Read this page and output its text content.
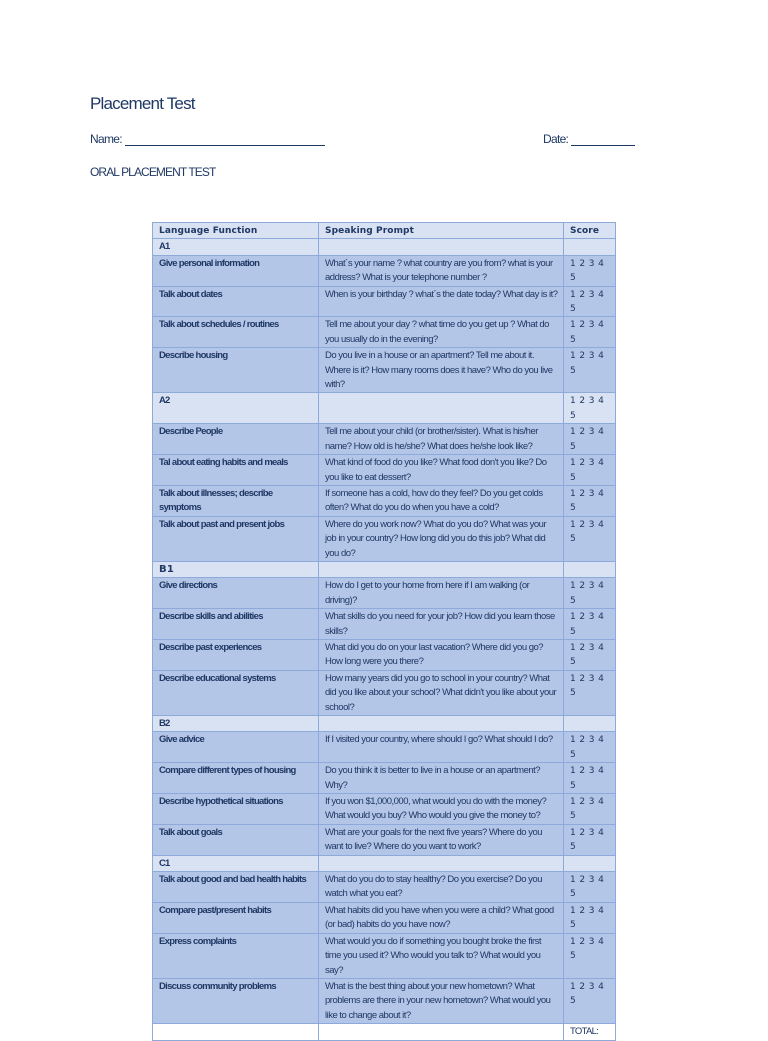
Placement Test
Name:	Date:
ORAL PLACEMENT TEST
Language Function	Speaking Prompt	Score
A1		
Give personal information	What´s your name ? what country are you from? what is your address? What is your telephone number ?	1 2 3 4 5
Talk about dates	When is your birthday ? what´s the date today? What day is it?	1 2 3 4 5
Talk about schedules / routines	Tell me about your day ? what time do you get up ? What do you usually do in the evening?	1 2 3 4 5
Describe housing	Do you live in a house or an apartment? Tell me about it. Where is it? How many rooms does it have? Who do you live with?	1 2 3 4 5
A2		1 2 3 4 5
Describe People	Tell me about your child (or brother/sister). What is his/her name? How old is he/she? What does he/she look like?	1 2 3 4 5
Tal about eating habits and meals	What kind of food do you like? What food don't you like? Do you like to eat dessert?	1 2 3 4 5
Talk about illnesses; describe symptoms	If someone has a cold, how do they feel? Do you get colds often? What do you do when you have a cold?	1 2 3 4 5
Talk about past and present jobs	Where do you work now? What do you do? What was your job in your country? How long did you do this job? What did you do?	1 2 3 4 5
B1		
Give directions	How do I get to your home from here if I am walking (or driving)?	1 2 3 4 5
Describe skills and abilities	What skills do you need for your job? How did you learn those skills?	1 2 3 4 5
Describe past experiences	What did you do on your last vacation? Where did you go? How long were you there?	1 2 3 4 5
Describe educational systems	How many years did you go to school in your country? What did you like about your school? What didn't you like about your school?	1 2 3 4 5
B2		
Give advice	If I visited your country, where should I go? What should I do?	1 2 3 4 5
Compare different types of housing	Do you think it is better to live in a house or an apartment? Why?	1 2 3 4 5
Describe hypothetical situations	If you won $1,000,000, what would you do with the money? What would you buy? Who would you give the money to?	1 2 3 4 5
Talk about goals	What are your goals for the next five years? Where do you want to live? Where do you want to work?	1 2 3 4 5
C1		
Talk about good and bad health habits	What do you do to stay healthy? Do you exercise? Do you watch what you eat?	1 2 3 4 5
Compare past/present habits	What habits did you have when you were a child? What good (or bad) habits do you have now?	1 2 3 4 5
Express complaints	What would you do if something you bought broke the first time you used it? Who would you talk to? What would you say?	1 2 3 4 5
Discuss community problems	What is the best thing about your new hometown? What problems are there in your new hometown? What would you like to change about it?	1 2 3 4 5
		TOTAL:
